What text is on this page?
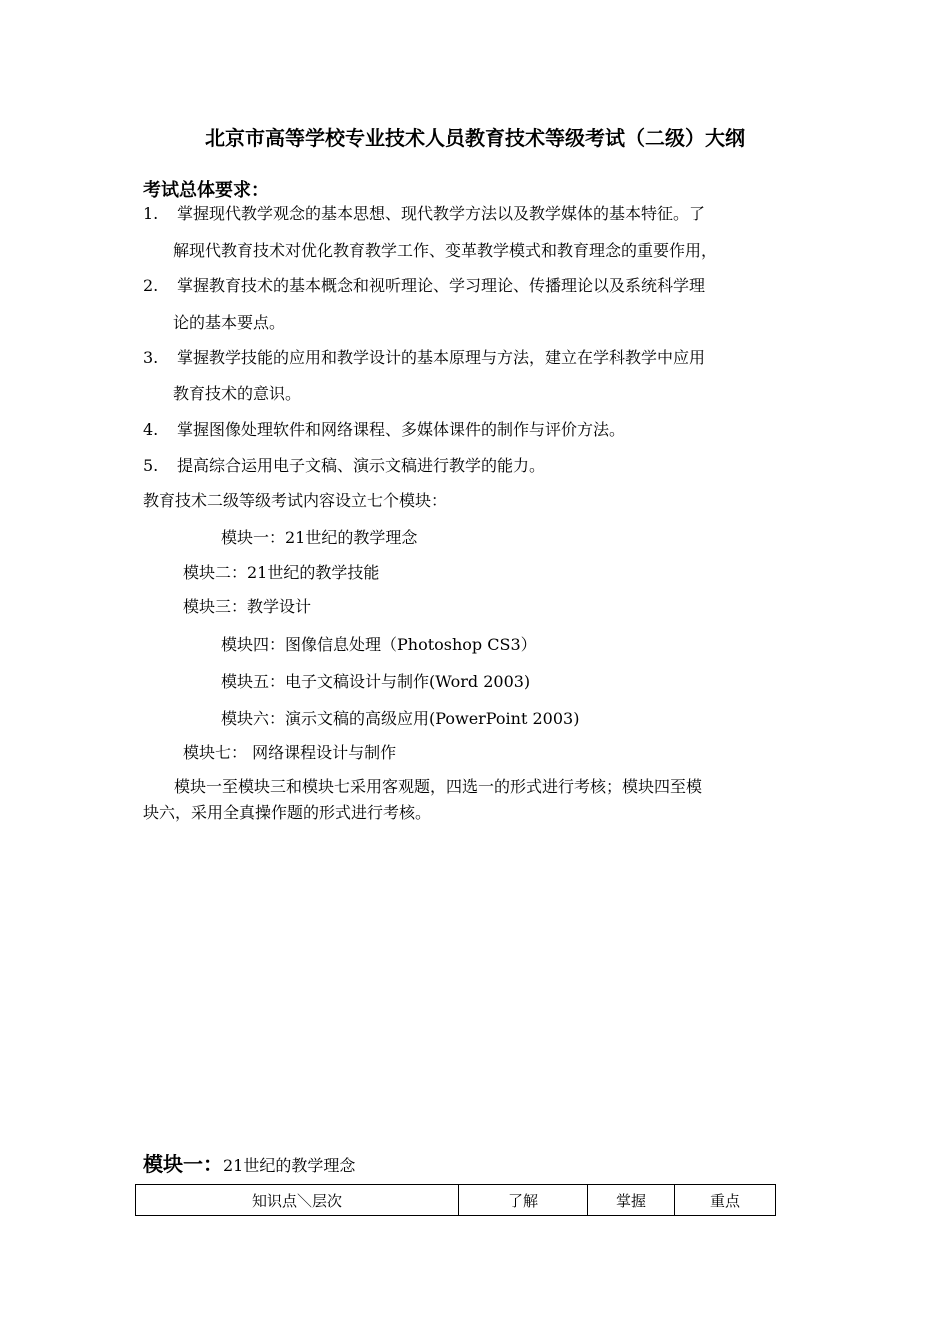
北京市高等学校专业技术人员教育技术等级考试（二级）大纲
考试总体要求：
1. 掌握现代教学观念的基本思想、现代教学方法以及教学媒体的基本特征。了
解现代教育技术对优化教育教学工作、变革教学模式和教育理念的重要作用，
2. 掌握教育技术的基本概念和视听理论、学习理论、传播理论以及系统科学理
论的基本要点。
3. 掌握教学技能的应用和教学设计的基本原理与方法，建立在学科教学中应用
教育技术的意识。
4. 掌握图像处理软件和网络课程、多媒体课件的制作与评价方法。
5. 提高综合运用电子文稿、演示文稿进行教学的能力。
教育技术二级等级考试内容设立七个模块：
模块一：21世纪的教学理念
模块二：21世纪的教学技能
模块三：教学设计
模块四：图像信息处理（Photoshop CS3）
模块五：电子文稿设计与制作(Word 2003)
模块六：演示文稿的高级应用(PowerPoint 2003)
模块七： 网络课程设计与制作
模块一至模块三和模块七采用客观题，四选一的形式进行考核；模块四至模
块六，采用全真操作题的形式进行考核。
模块一：21世纪的教学理念
知识点＼层次	了解	掌握	重点
